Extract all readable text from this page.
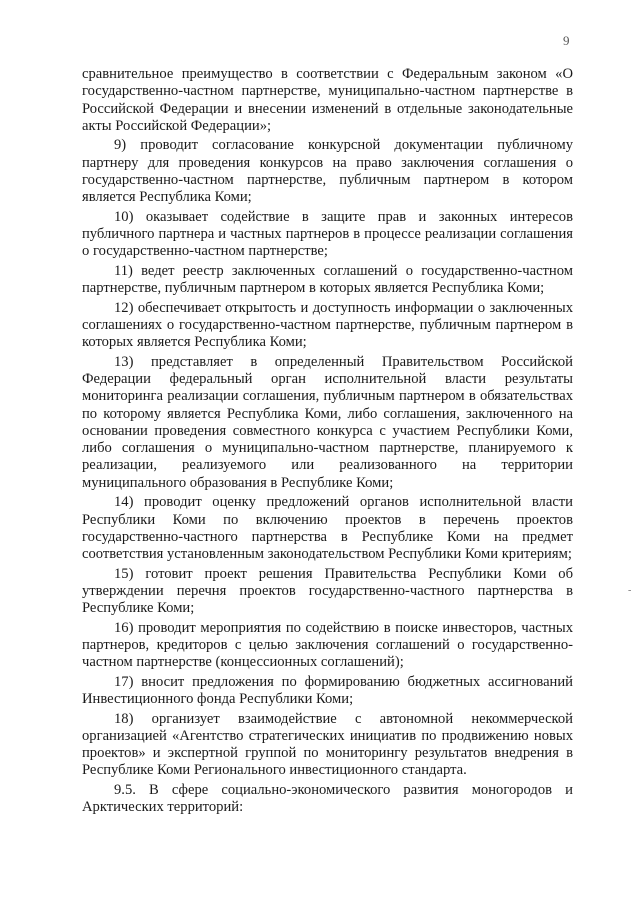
9
-

сравнительное преимущество в соответствии с Федеральным законом «О государственно-частном партнерстве, муниципально-частном партнерстве в Российской Федерации и внесении изменений в отдельные законодательные акты Российской Федерации»;

9) проводит согласование конкурсной документации публичному партнеру для проведения конкурсов на право заключения соглашения о государственно-частном партнерстве, публичным партнером в котором является Республика Коми;

10) оказывает содействие в защите прав и законных интересов публичного партнера и частных партнеров в процессе реализации соглашения о государственно-частном партнерстве;

11) ведет реестр заключенных соглашений о государственно-частном партнерстве, публичным партнером в которых является Республика Коми;

12) обеспечивает открытость и доступность информации о заключенных соглашениях о государственно-частном партнерстве, публичным партнером в которых является Республика Коми;

13) представляет в определенный Правительством Российской Федерации федеральный орган исполнительной власти результаты мониторинга реализации соглашения, публичным партнером в обязательствах по которому является Республика Коми, либо соглашения, заключенного на основании проведения совместного конкурса с участием Республики Коми, либо соглашения о муниципально-частном партнерстве, планируемого к реализации, реализуемого или реализованного на территории муниципального образования в Республике Коми;

14) проводит оценку предложений органов исполнительной власти Республики Коми по включению проектов в перечень проектов государственно-частного партнерства в Республике Коми на предмет соответствия установленным законодательством Республики Коми критериям;

15) готовит проект решения Правительства Республики Коми об утверждении перечня проектов государственно-частного партнерства в Республике Коми;

16) проводит мероприятия по содействию в поиске инвесторов, частных партнеров, кредиторов с целью заключения соглашений о государственно-частном партнерстве (концессионных соглашений);

17) вносит предложения по формированию бюджетных ассигнований Инвестиционного фонда Республики Коми;

18) организует взаимодействие с автономной некоммерческой организацией «Агентство стратегических инициатив по продвижению новых проектов» и экспертной группой по мониторингу результатов внедрения в Республике Коми Регионального инвестиционного стандарта.

9.5. В сфере социально-экономического развития моногородов и Арктических территорий:
